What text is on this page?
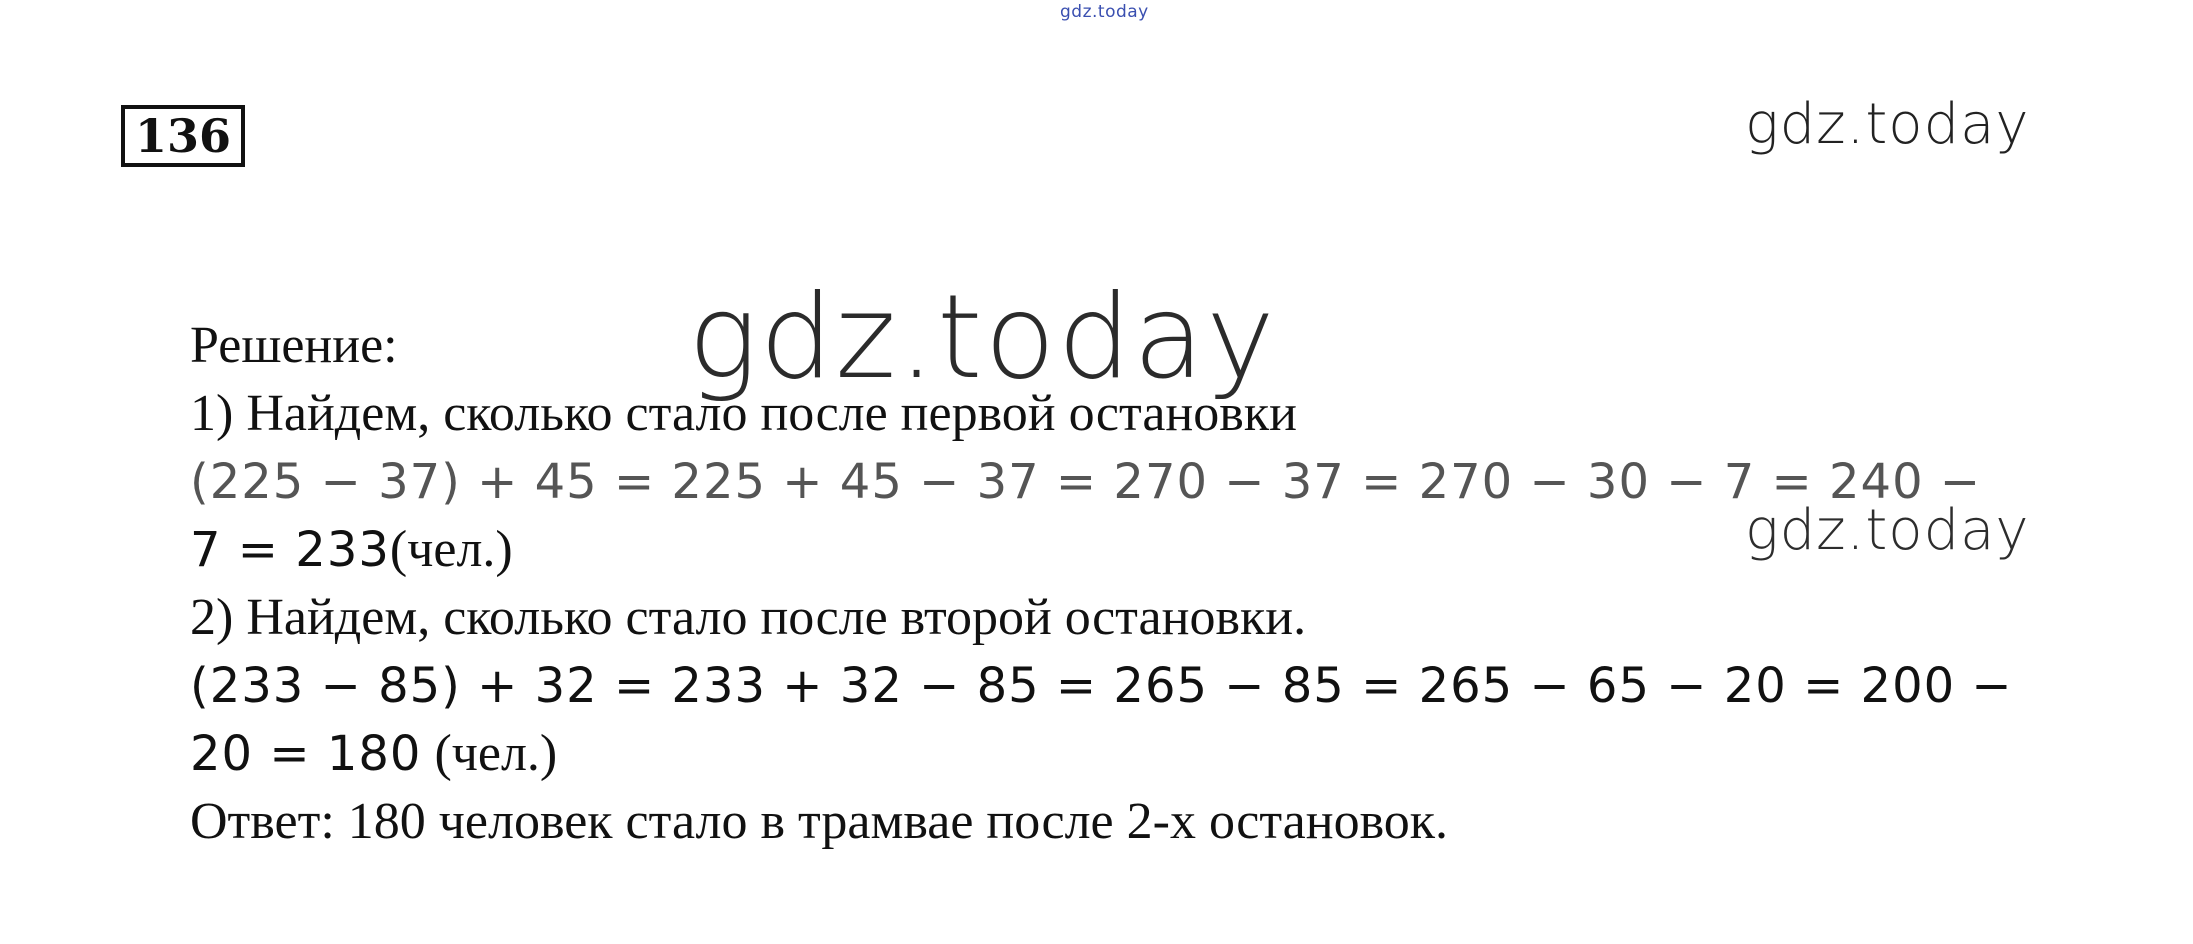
gdz.today
136
Решение:
1) Найдем, сколько стало после первой остановки
(225 − 37) + 45 = 225 + 45 − 37 = 270 − 37 = 270 − 30 − 7 = 240 −
7 = 233(чел.)
2) Найдем, сколько стало после второй остановки.
(233 − 85) + 32 = 233 + 32 − 85 = 265 − 85 = 265 − 65 − 20 = 200 −
20 = 180 (чел.)
Ответ: 180 человек стало в трамвае после 2-х остановок.
gdz.today
gdz.today
gdz.today
